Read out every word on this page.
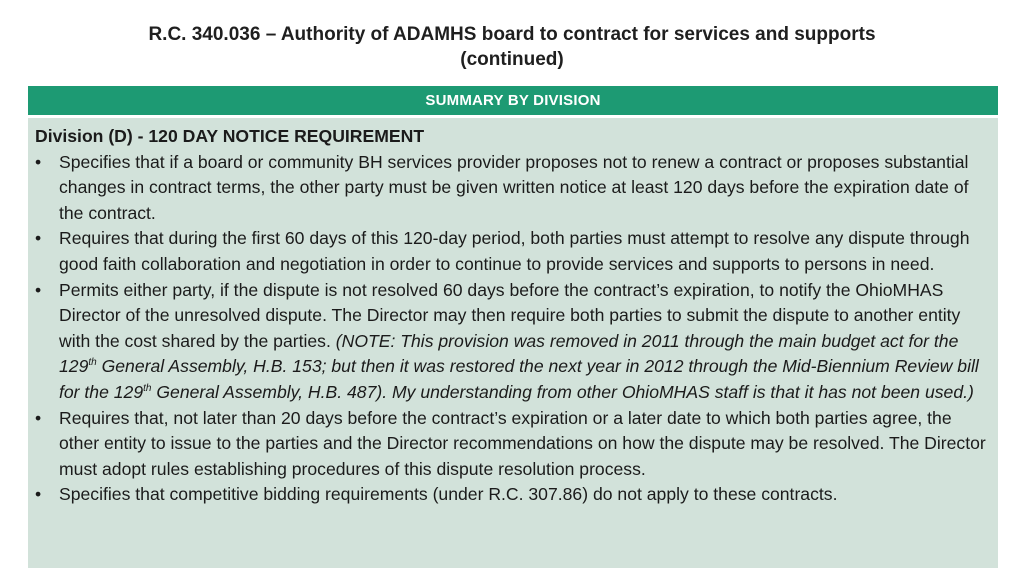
R.C. 340.036 – Authority of ADAMHS board to contract for services and supports
(continued)
SUMMARY BY DIVISION
Division (D) - 120 DAY NOTICE REQUIREMENT
•	Specifies that if a board or community BH services provider proposes not to renew a contract or proposes substantial changes in contract terms, the other party must be given written notice at least 120 days before the expiration date of the contract.
•	Requires that during the first 60 days of this 120-day period, both parties must attempt to resolve any dispute through good faith collaboration and negotiation in order to continue to provide services and supports to persons in need.
•	Permits either party, if the dispute is not resolved 60 days before the contract’s expiration, to notify the OhioMHAS Director of the unresolved dispute. The Director may then require both parties to submit the dispute to another entity with the cost shared by the parties. (NOTE: This provision was removed in 2011 through the main budget act for the 129th General Assembly, H.B. 153; but then it was restored the next year in 2012 through the Mid-Biennium Review bill for the 129th General Assembly, H.B. 487). My understanding from other OhioMHAS staff is that it has not been used.)
•	Requires that, not later than 20 days before the contract’s expiration or a later date to which both parties agree, the other entity to issue to the parties and the Director recommendations on how the dispute may be resolved. The Director must adopt rules establishing procedures of this dispute resolution process.
•	Specifies that competitive bidding requirements (under R.C. 307.86) do not apply to these contracts.
